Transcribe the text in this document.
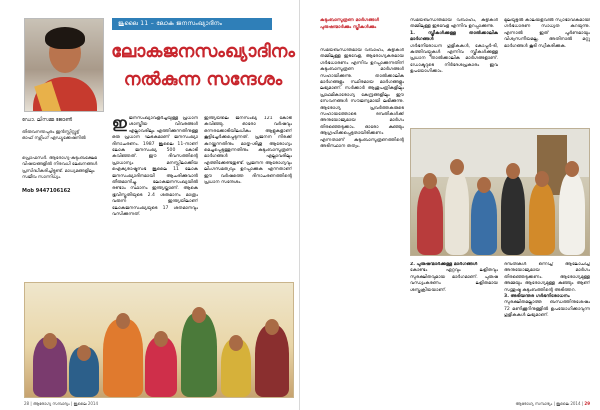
ജൂലൈ 11 – ലോക ജനസംഖ്യാദിനം
ലോകജനസംഖ്യാദിനം
നൽകുന്ന സന്ദേശം
ഡോ. ലിസമ്മ ജോൺ
തിരുവനന്തപുരം ഇൻസ്റ്റിറ്റ്യൂട്ട് ഓഫ് നഴ്സിംഗ് എഡ്യൂക്കേഷനിൽ
പ്രൊഫസർ. ആരോഗ്യ-കുടുംബക്ഷേമ വിഷയങ്ങളിൽ നിരവധി ലേഖനങ്ങൾ പ്രസിദ്ധീകരിച്ചിട്ടുണ്ട്. മാധ്യമങ്ങളിലും സജീവ സാന്നിധ്യം.
Mob 9447106162
ഇ ജനസംഖ്യാവളർച്ചയുള്ള പ്രധാന ശാസ്ത്രീയ വിവരങ്ങൾ എല്ലാവരിലും എത്തിക്കുന്നതിനുള്ള ഒരു പ്രധാന ഘടകമാണ് ജനസംഖ്യാ ദിനാചരണം. 1987 ജൂലൈ 11-നാണ് ലോക ജനസംഖ്യ 500 കോടി കവിഞ്ഞത്. ഈ ദിവസത്തിന്റെ പ്രാധാന്യം മനസ്സിലാക്കിയ ഐക്യരാഷ്ട്രസഭ ജൂലൈ 11 ലോക ജനസംഖ്യാദിനമായി ആചരിക്കുവാൻ തീരുമാനിച്ചു. ലോകജനസംഖ്യയിൽ രണ്ടാം സ്ഥാനം ഇന്ത്യയ്ക്കാണ്. ആകെ ഭൂവിസ്തൃതിയുടെ 2.4 ശതമാനം മാത്രം വരുന്ന ഇന്ത്യയിലാണ് ലോകജനസംഖ്യയുടെ 17 ശതമാനവും വസിക്കുന്നത്.
ഇന്ത്യയിലെ ജനസംഖ്യ 121 കോടി കവിഞ്ഞു. ഓരോ വർഷവും ഒന്നരക്കോടിയിലധികം ആളുകളാണ് കൂട്ടിച്ചേർക്കപ്പെടുന്നത്. പ്രജനന നിരക്ക് കുറയ്ക്കുന്നതിനും മാതൃ-ശിശു ആരോഗ്യം മെച്ചപ്പെടുത്തുന്നതിനും കുടുംബാസൂത്രണ മാർഗങ്ങൾ എല്ലാവരിലും എത്തിക്കേണ്ടതുണ്ട്. പ്രജനന ആരോഗ്യവും ലിംഗസമത്വവും ഉറപ്പാക്കുക എന്നതാണ് ഈ വർഷത്തെ ദിനാചരണത്തിന്റെ പ്രധാന സന്ദേശം.
28 | ആരോഗ്യ സമ്പാദ്യം | ജൂലൈ 2014
കുടുംബാസൂത്രണ മാർഗങ്ങൾ പുരുഷന്മാർക്കും സ്ത്രീകൾക്കും
സമയബന്ധിതമായ വിവാഹം, കുട്ടികൾ തമ്മിലുള്ള ഇടവേള, ആരോഗ്യകരമായ ഗർഭധാരണം എന്നിവ ഉറപ്പാക്കുന്നതിന് കുടുംബാസൂത്രണ മാർഗങ്ങൾ സഹായിക്കുന്നു. താൽക്കാലിക മാർഗങ്ങളും സ്ഥിരമായ മാർഗങ്ങളും ലഭ്യമാണ്. സർക്കാർ ആശുപത്രികളിലും പ്രാഥമികാരോഗ്യ കേന്ദ്രങ്ങളിലും ഈ സേവനങ്ങൾ സൗജന്യമായി ലഭിക്കുന്നു. ആരോഗ്യ പ്രവർത്തകരുടെ സഹായത്തോടെ ദമ്പതികൾക്ക് അനുയോജ്യമായ മാർഗം തിരഞ്ഞെടുക്കാം. ഓരോ കുഞ്ഞും ആഗ്രഹിക്കപ്പെട്ടതായിരിക്കണം എന്നതാണ് കുടുംബാസൂത്രണത്തിന്റെ അടിസ്ഥാന തത്വം.

സമയബന്ധിതമായ വിവാഹം, കുട്ടികൾ തമ്മിലുള്ള ഇടവേള എന്നിവ ഉറപ്പാക്കുന്നു.

1. സ്ത്രീകൾക്കുള്ള താൽക്കാലിക മാർഗങ്ങൾ

ഗർഭനിരോധന ഗുളികകൾ, കോപ്പർ-ടി, കുത്തിവയ്പ്പുകൾ എന്നിവ സ്ത്രീകൾക്കുള്ള പ്രധാന താൽക്കാലിക മാർഗങ്ങളാണ്. ഡോക്ടറുടെ നിർദേശപ്രകാരം ഇവ ഉപയോഗിക്കാം.

മുലയൂട്ടൽ കാലയളവിൽ സ്വാഭാവികമായി ഗർഭധാരണ സാധ്യത കുറയുന്നു. എന്നാൽ ഇത് പൂർണമായും വിശ്വസനീയമല്ല. അതിനാൽ മറ്റു മാർഗങ്ങൾ കൂടി സ്വീകരിക്കുക.

ദമ്പതികൾ ഒന്നിച്ച് ആലോചിച്ച് അനുയോജ്യമായ മാർഗം തിരഞ്ഞെടുക്കണം. ആരോഗ്യമുള്ള അമ്മയും ആരോഗ്യമുള്ള കുഞ്ഞും ആണ് സന്തുഷ്ട കുടുംബത്തിന്റെ അടിത്തറ.

3. അടിയന്തര ഗർഭനിരോധനം

സുരക്ഷിതമല്ലാത്ത ബന്ധത്തിനുശേഷം 72 മണിക്കൂറിനുള്ളിൽ ഉപയോഗിക്കാവുന്ന ഗുളികകൾ ലഭ്യമാണ്.

2. പുരുഷന്മാർക്കുള്ള മാർഗങ്ങൾ

കോണ്ടം ഏറ്റവും ലളിതവും സുരക്ഷിതവുമായ മാർഗമാണ്. പുരുഷ വന്ധ്യംകരണം ലളിതമായ ശസ്ത്രക്രിയയാണ്.

ആരോഗ്യ സമ്പാദ്യം | ജൂലൈ 2014 | 29
